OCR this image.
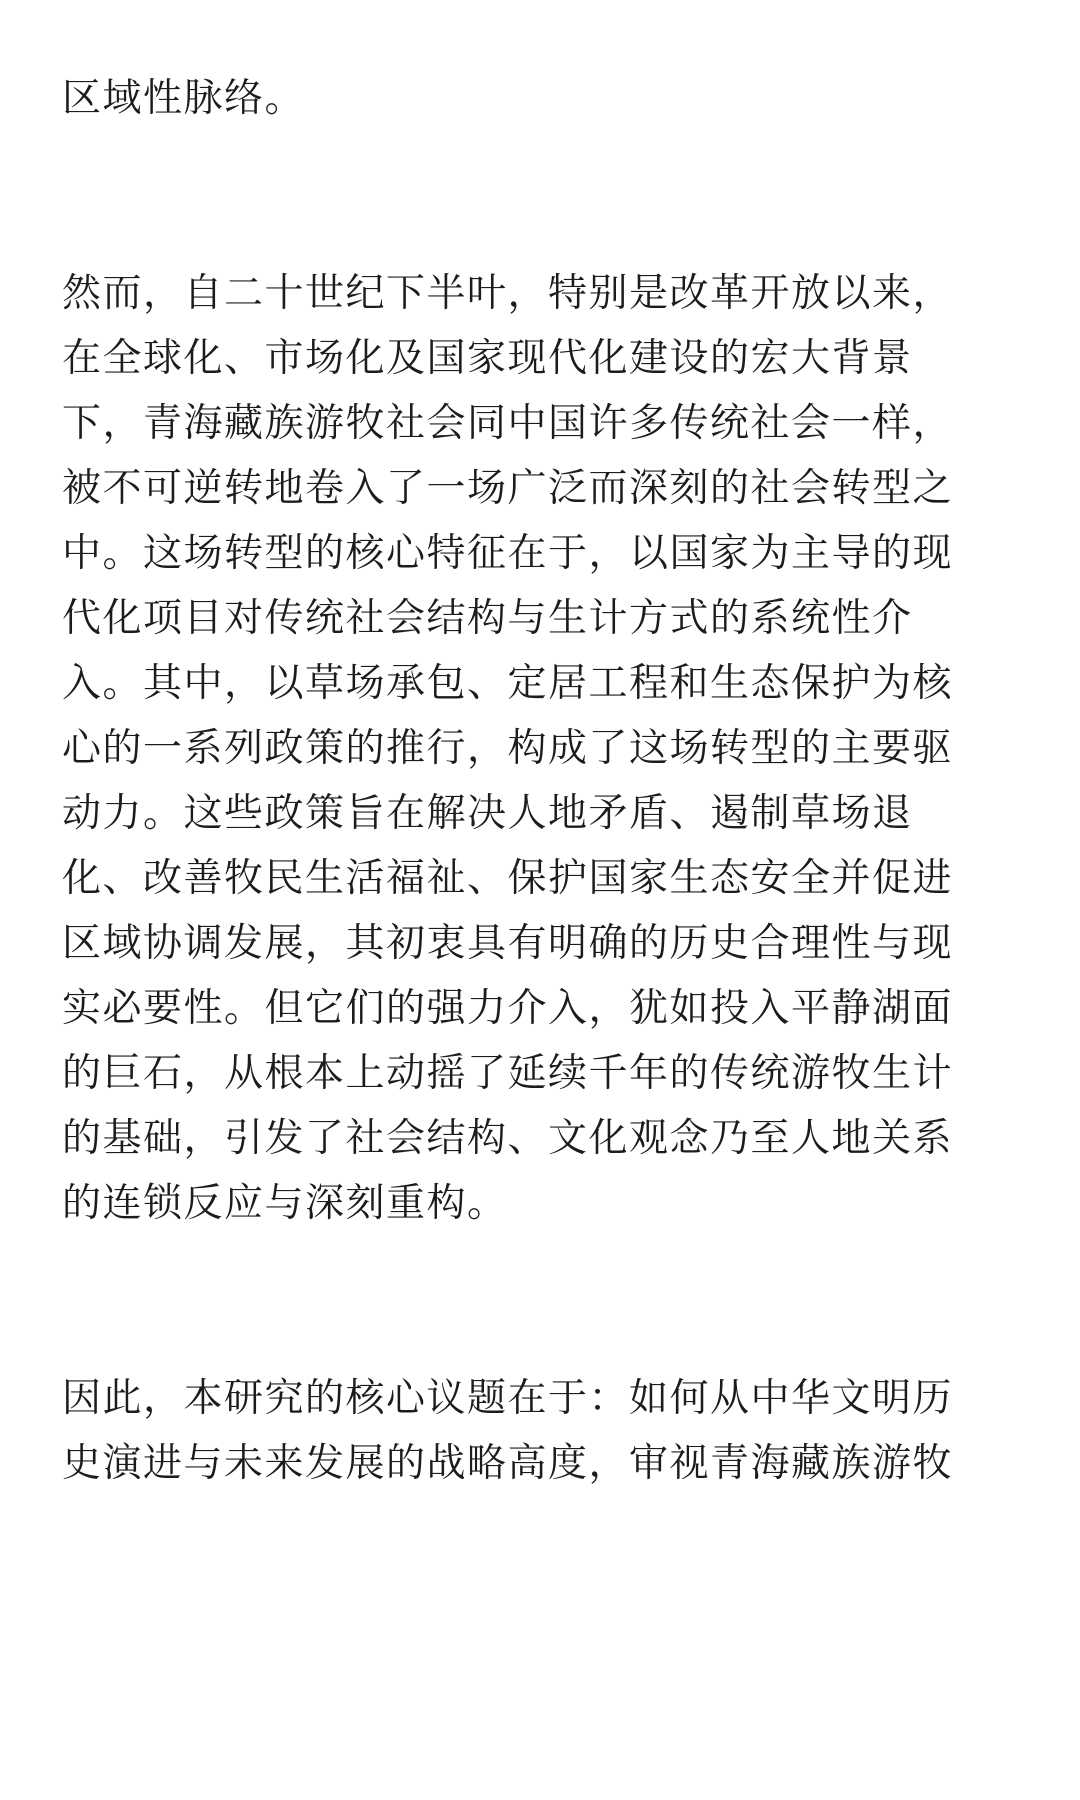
区域性脉络。
然而，自二十世纪下半叶，特别是改革开放以来，
在全球化、市场化及国家现代化建设的宏大背景
下，青海藏族游牧社会同中国许多传统社会一样，
被不可逆转地卷入了一场广泛而深刻的社会转型之
中。这场转型的核心特征在于，以国家为主导的现
代化项目对传统社会结构与生计方式的系统性介
入。其中，以草场承包、定居工程和生态保护为核
心的一系列政策的推行，构成了这场转型的主要驱
动力。这些政策旨在解决人地矛盾、遏制草场退
化、改善牧民生活福祉、保护国家生态安全并促进
区域协调发展，其初衷具有明确的历史合理性与现
实必要性。但它们的强力介入，犹如投入平静湖面
的巨石，从根本上动摇了延续千年的传统游牧生计
的基础，引发了社会结构、文化观念乃至人地关系
的连锁反应与深刻重构。
因此，本研究的核心议题在于：如何从中华文明历
史演进与未来发展的战略高度，审视青海藏族游牧
